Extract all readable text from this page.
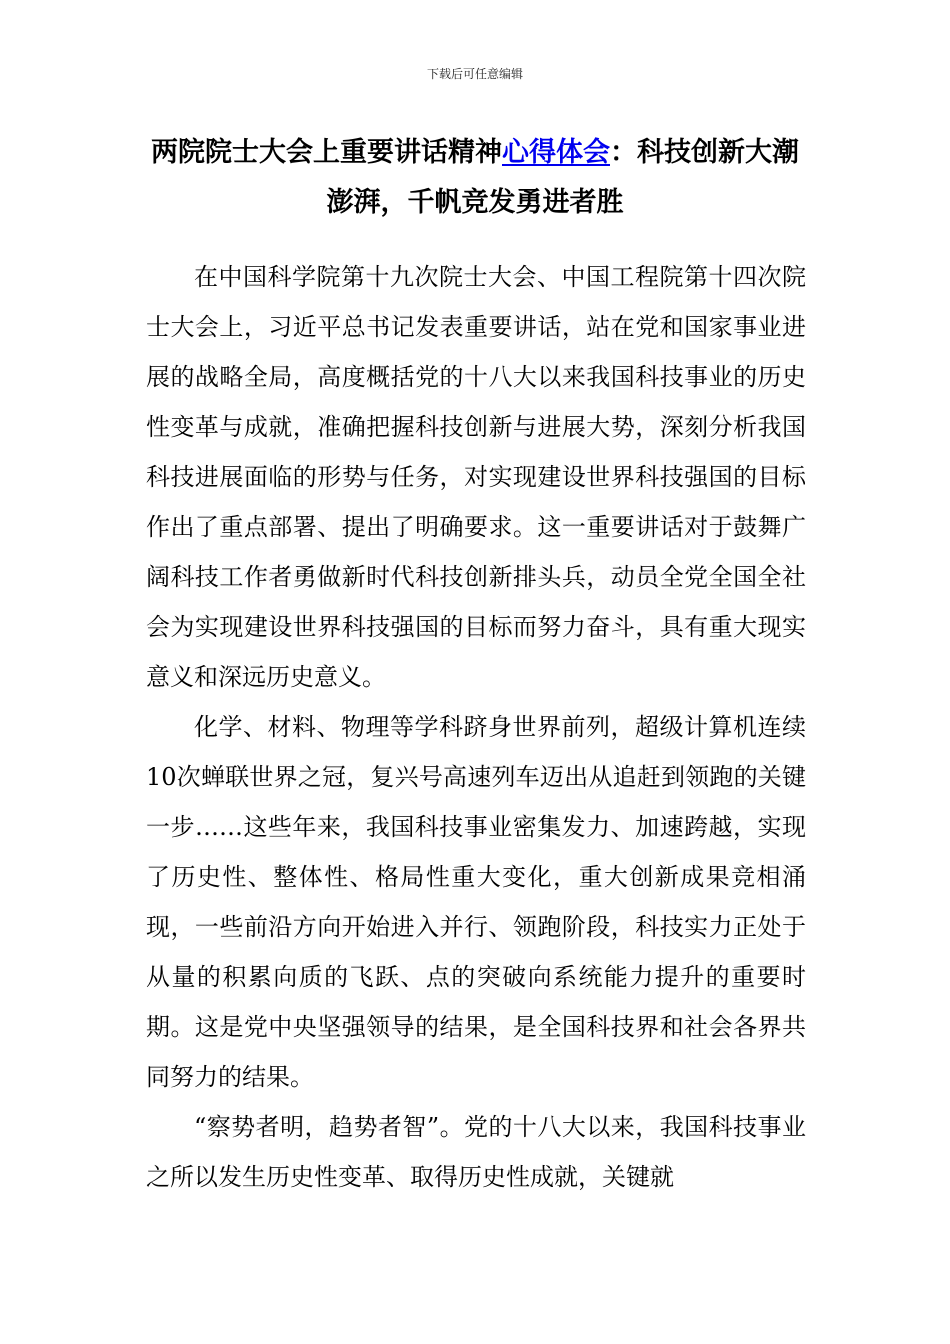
下载后可任意编辑
两院院士大会上重要讲话精神心得体会：科技创新大潮澎湃，千帆竞发勇进者胜

在中国科学院第十九次院士大会、中国工程院第十四次院士大会上，习近平总书记发表重要讲话，站在党和国家事业进展的战略全局，高度概括党的十八大以来我国科技事业的历史性变革与成就，准确把握科技创新与进展大势，深刻分析我国科技进展面临的形势与任务，对实现建设世界科技强国的目标作出了重点部署、提出了明确要求。这一重要讲话对于鼓舞广阔科技工作者勇做新时代科技创新排头兵，动员全党全国全社会为实现建设世界科技强国的目标而努力奋斗，具有重大现实意义和深远历史意义。

化学、材料、物理等学科跻身世界前列，超级计算机连续10次蝉联世界之冠，复兴号高速列车迈出从追赶到领跑的关键一步……这些年来，我国科技事业密集发力、加速跨越，实现了历史性、整体性、格局性重大变化，重大创新成果竞相涌现，一些前沿方向开始进入并行、领跑阶段，科技实力正处于从量的积累向质的飞跃、点的突破向系统能力提升的重要时期。这是党中央坚强领导的结果，是全国科技界和社会各界共同努力的结果。

“察势者明，趋势者智”。党的十八大以来，我国科技事业之所以发生历史性变革、取得历史性成就，关键就
